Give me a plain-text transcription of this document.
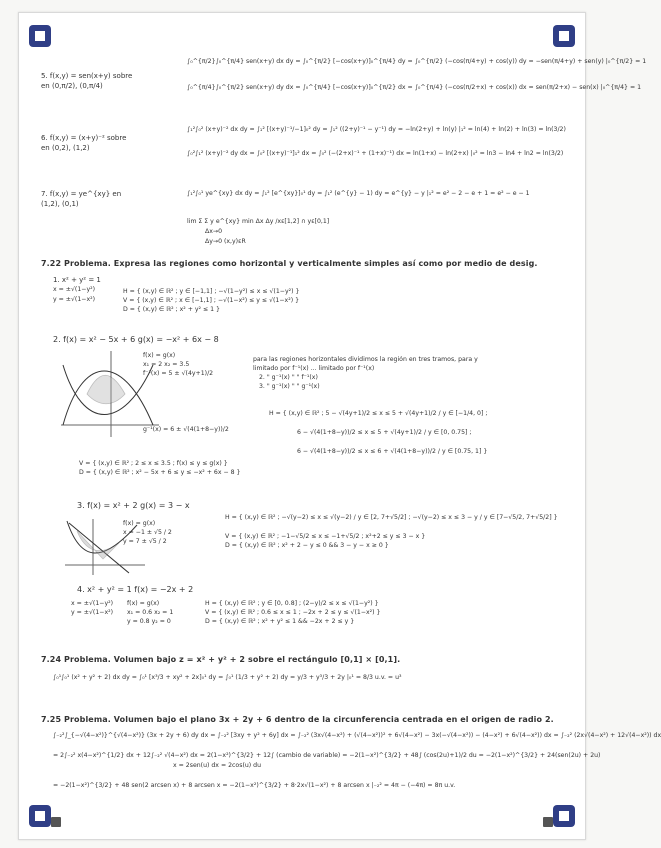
5. f(x,y) = sen(x+y) sobre
en (0,π/2), (0,π/4)
∫₀^{π/2}∫₀^{π/4} sen(x+y) dx dy = ∫₀^{π/2} [−cos(x+y)]₀^{π/4} dy = ∫₀^{π/2} (−cos(π/4+y) + cos(y)) dy = −sen(π/4+y) + sen(y) |₀^{π/2} = 1
∫₀^{π/4}∫₀^{π/2} sen(x+y) dy dx = ∫₀^{π/4} [−cos(x+y)]₀^{π/2} dx = ∫₀^{π/4} (−cos(π/2+x) + cos(x)) dx = sen(π/2+x) − sen(x) |₀^{π/4} = 1
6. f(x,y) = (x+y)⁻² sobre
en (0,2), (1,2)
∫₁²∫₀² (x+y)⁻² dx dy = ∫₁² [(x+y)⁻¹/−1]₀² dy = ∫₁² ((2+y)⁻¹ − y⁻¹) dy = −ln(2+y) + ln(y) |₁² = ln(4) + ln(2) + ln(3) = ln(3/2)
∫₀²∫₁² (x+y)⁻² dy dx = ∫₀² [(x+y)⁻¹]₁² dx = ∫₀² (−(2+x)⁻¹ + (1+x)⁻¹) dx = ln(1+x) − ln(2+x) |₀² = ln3 − ln4 + ln2 = ln(3/2)
7. f(x,y) = ye^{xy} en
(1,2), (0,1)
∫₁²∫₀¹ ye^{xy} dx dy = ∫₁² [e^{xy}]₀¹ dy = ∫₁² (e^{y} − 1) dy = e^{y} − y |₁² = e² − 2 − e + 1 = e² − e − 1
lim Σ Σ y e^{xy} min Δx Δy /xε[1,2] ∩ yε[0,1]
Δx→0
Δy→0 (x,y)εR
7.22 Problema. Expresa las regiones como horizontal y verticalmente simples así como por medio de desig.
1. x² + y² = 1
x = ±√(1−y²)
y = ±√(1−x²)
H = { (x,y) ∈ ℝ² ; y ∈ [−1,1] ; −√(1−y²) ≤ x ≤ √(1−y²) }
V = { (x,y) ∈ ℝ² ; x ∈ [−1,1] ; −√(1−x²) ≤ y ≤ √(1−x²) }
D = { (x,y) ∈ ℝ² ; x² + y² ≤ 1 }
2. f(x) = x² − 5x + 6 g(x) = −x² + 6x − 8
f(x) = g(x)
x₁ = 2 x₂ = 3.5
f⁻¹(x) = 5 ± √(4y+1)/2
g⁻¹(x) = 6 ± √(4(1+8−y))/2
para las regiones horizontales dividimos la región en tres tramos, para y
limitado por f⁻¹(x) ... limitado por f⁻¹(x)
2. " g⁻¹(x) " " f⁻¹(x)
3. " g⁻¹(x) " " g⁻¹(x)
H = { (x,y) ∈ ℝ² ; 5 − √(4y+1)/2 ≤ x ≤ 5 + √(4y+1)/2 / y ∈ [−1/4, 0] ;
6 − √(4(1+8−y))/2 ≤ x ≤ 5 + √(4y+1)/2 / y ∈ [0, 0.75] ;
6 − √(4(1+8−y))/2 ≤ x ≤ 6 + √(4(1+8−y))/2 / y ∈ [0.75, 1] }
V = { (x,y) ∈ ℝ² ; 2 ≤ x ≤ 3.5 ; f(x) ≤ y ≤ g(x) }
D = { (x,y) ∈ ℝ² ; x² − 5x + 6 ≤ y ≤ −x² + 6x − 8 }
3. f(x) = x² + 2 g(x) = 3 − x
f(x) = g(x)
x = −1 ± √5 / 2
y = 7 ± √5 / 2
H = { (x,y) ∈ ℝ² ; −√(y−2) ≤ x ≤ √(y−2) / y ∈ [2, 7+√5/2] ; −√(y−2) ≤ x ≤ 3 − y / y ∈ [7−√5/2, 7+√5/2] }
V = { (x,y) ∈ ℝ² ; −1−√5/2 ≤ x ≤ −1+√5/2 ; x²+2 ≤ y ≤ 3 − x }
D = { (x,y) ∈ ℝ² ; x² + 2 − y ≤ 0 && 3 − y − x ≥ 0 }
4. x² + y² = 1 f(x) = −2x + 2
x = ±√(1−y²)
y = ±√(1−x²)
f(x) = g(x)
x₁ = 0.6 x₂ = 1
y = 0.8 y₂ = 0
H = { (x,y) ∈ ℝ² ; y ∈ [0, 0.8] ; (2−y)/2 ≤ x ≤ √(1−y²) }
V = { (x,y) ∈ ℝ² ; 0.6 ≤ x ≤ 1 ; −2x + 2 ≤ y ≤ √(1−x²) }
D = { (x,y) ∈ ℝ² ; x² + y² ≤ 1 && −2x + 2 ≤ y }
7.24 Problema. Volumen bajo z = x² + y² + 2 sobre el rectángulo [0,1] × [0,1].
∫₀¹∫₀¹ (x² + y² + 2) dx dy = ∫₀¹ [x³/3 + xy² + 2x]₀¹ dy = ∫₀¹ (1/3 + y² + 2) dy = y/3 + y³/3 + 2y |₀¹ = 8/3 u.v. = u³
7.25 Problema. Volumen bajo el plano 3x + 2y + 6 dentro de la circunferencia centrada en el origen de radio 2.
∫₋₂²∫_{−√(4−x²)}^{√(4−x²)} (3x + 2y + 6) dy dx = ∫₋₂² [3xy + y² + 6y] dx = ∫₋₂² (3x√(4−x²) + (√(4−x²))² + 6√(4−x²) − 3x(−√(4−x²)) − (4−x²) + 6√(4−x²)) dx = ∫₋₂² (2x√(4−x²) + 12√(4−x²)) dx
= 2∫₋₂² x(4−x²)^{1/2} dx + 12∫₋₂² √(4−x²) dx = 2(1−x²)^{3/2} + 12∫ (cambio de variable) = −2(1−x²)^{3/2} + 48∫ (cos(2u)+1)/2 du = −2(1−x²)^{3/2} + 24(sen(2u) + 2u)
x = 2sen(u) dx = 2cos(u) du
= −2(1−x²)^{3/2} + 48 sen(2 arcsen x) + 8 arcsen x = −2(1−x²)^{3/2} + 8·2x√(1−x²) + 8 arcsen x |₋₂² = 4π − (−4π) = 8π u.v.
